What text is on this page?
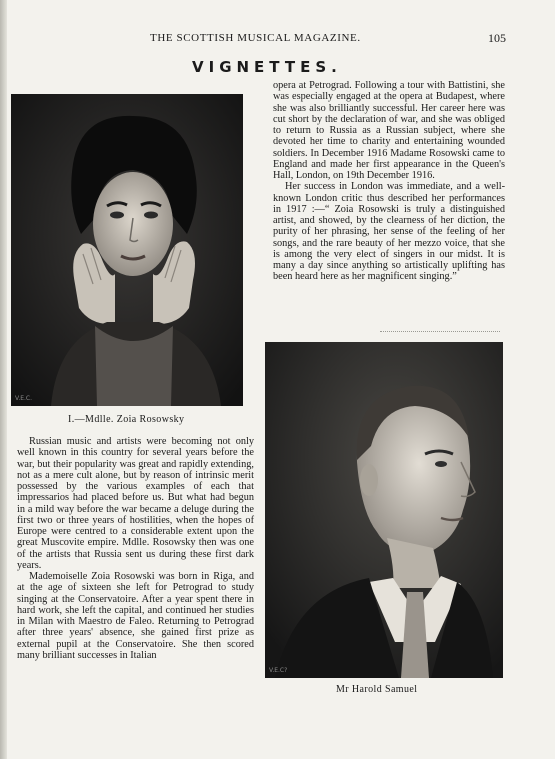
THE SCOTTISH MUSICAL MAGAZINE.	105
VIGNETTES.
V.E.C.
I.—Mdlle. Zoia Rosowsky

opera at Petrograd. Following a tour with Battistini, she was especially engaged at the opera at Budapest, where she was also brilliantly successful. Her career here was cut short by the declaration of war, and she was obliged to return to Russia as a Russian subject, where she devoted her time to charity and entertaining wounded soldiers. In December 1916 Madame Rosowski came to England and made her first appearance in the Queen's Hall, London, on 19th December 1916.

Her success in London was immediate, and a well-known London critic thus described her performances in 1917 :—“ Zoia Rosowski is truly a distinguished artist, and showed, by the clearness of her diction, the purity of her phrasing, her sense of the feeling of her songs, and the rare beauty of her mezzo voice, that she is among the very elect of singers in our midst. It is many a day since anything so artistically uplifting has been heard here as her magnificent singing.”

V.E.C?
Mr Harold Samuel

Russian music and artists were becoming not only well known in this country for several years before the war, but their popularity was great and rapidly extending, not as a mere cult alone, but by reason of intrinsic merit possessed by the various examples of each that impressarios had placed before us. But what had begun in a mild way before the war became a deluge during the first two or three years of hostilities, when the hopes of Europe were centred to a considerable extent upon the great Muscovite empire. Mdlle. Rosowsky then was one of the artists that Russia sent us during these first dark years.

Mademoiselle Zoia Rosowski was born in Riga, and at the age of sixteen she left for Petrograd to study singing at the Conservatoire. After a year spent there in hard work, she left the capital, and continued her studies in Milan with Maestro de Faleo. Returning to Petrograd after three years' absence, she gained first prize as external pupil at the Conservatoire. She then scored many brilliant successes in Italian
